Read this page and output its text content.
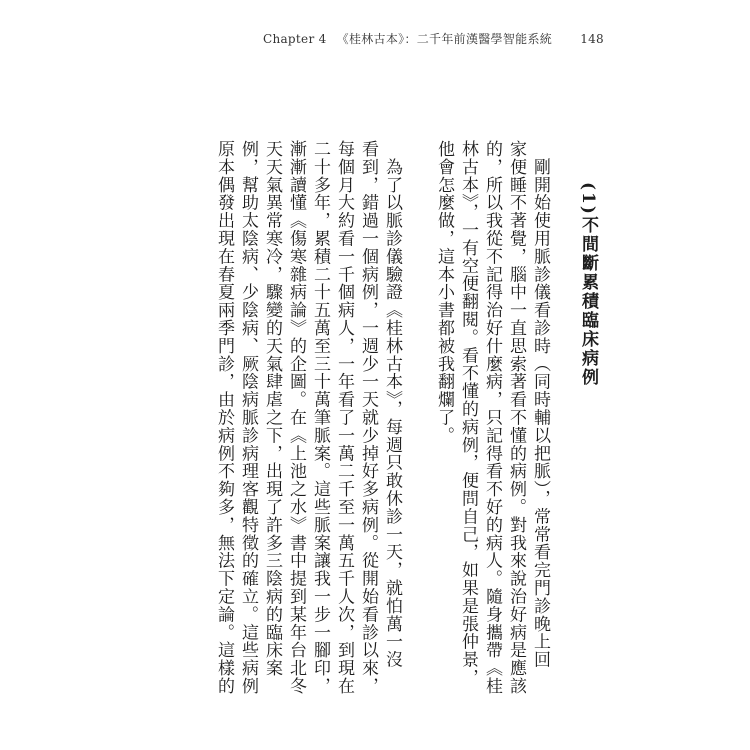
Chapter 4 《桂林古本》：二千年前漢醫學智能系統 148
(1)不間斷累積臨床病例
　剛開始使用脈診儀看診時（同時輔以把脈），常常看完門診晚上回
家便睡不著覺，腦中一直思索著看不懂的病例。對我來說治好病是應該
的，所以我從不記得治好什麼病，只記得看不好的病人。隨身攜帶《桂
林古本》，一有空便翻閱。看不懂的病例，便問自己，如果是張仲景，
他會怎麼做，這本小書都被我翻爛了。
　為了以脈診儀驗證《桂林古本》，每週只敢休診一天，就怕萬一沒
看到，錯過一個病例，一週少一天就少掉好多病例。從開始看診以來，
每個月大約看一千個病人，一年看了一萬二千至一萬五千人次，到現在
二十多年，累積二十五萬至三十萬筆脈案。這些脈案讓我一步一腳印，
漸漸讀懂《傷寒雜病論》的企圖。在《上池之水》書中提到某年台北冬
天天氣異常寒冷，驟變的天氣肆虐之下，出現了許多三陰病的臨床案
例，幫助太陰病、少陰病、厥陰病脈診病理客觀特徵的確立。這些病例
原本偶發出現在春夏兩季門診，由於病例不夠多，無法下定論。這樣的
